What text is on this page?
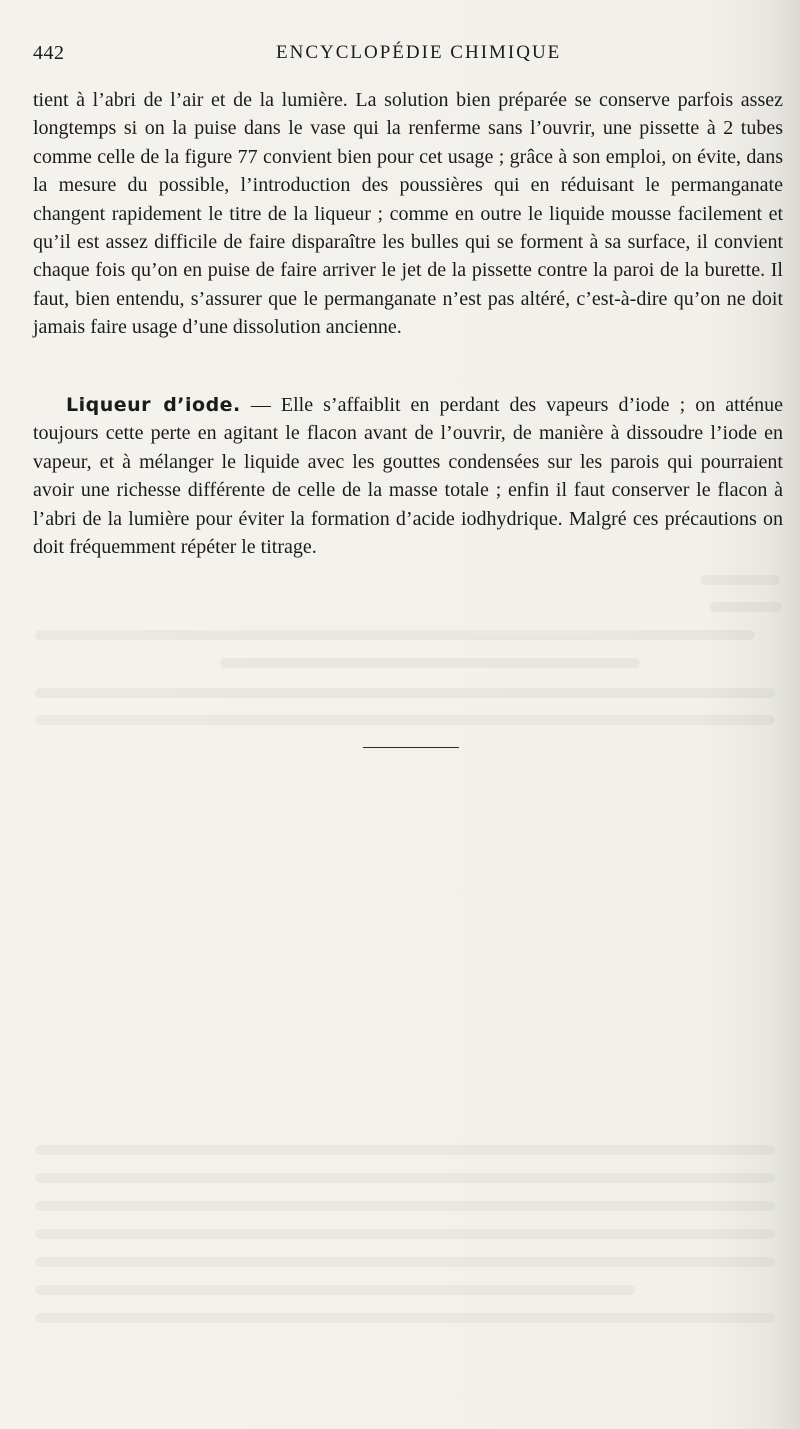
442	ENCYCLOPÉDIE CHIMIQUE

tient à l’abri de l’air et de la lumière. La solution bien préparée se conserve parfois assez longtemps si on la puise dans le vase qui la renferme sans l’ouvrir, une pissette à 2 tubes comme celle de la figure 77 convient bien pour cet usage ; grâce à son emploi, on évite, dans la mesure du possible, l’introduction des poussières qui en réduisant le permanganate changent rapidement le titre de la liqueur ; comme en outre le liquide mousse facilement et qu’il est assez difficile de faire disparaître les bulles qui se forment à sa surface, il convient chaque fois qu’on en puise de faire arriver le jet de la pissette contre la paroi de la burette. Il faut, bien entendu, s’assurer que le permanganate n’est pas altéré, c’est-à-dire qu’on ne doit jamais faire usage d’une dissolution ancienne.

Liqueur d’iode. — Elle s’affaiblit en perdant des vapeurs d’iode ; on atténue toujours cette perte en agitant le flacon avant de l’ouvrir, de manière à dissoudre l’iode en vapeur, et à mélanger le liquide avec les gouttes condensées sur les parois qui pourraient avoir une richesse différente de celle de la masse totale ; enfin il faut conserver le flacon à l’abri de la lumière pour éviter la formation d’acide iodhydrique. Malgré ces précautions on doit fréquemment répéter le titrage.
